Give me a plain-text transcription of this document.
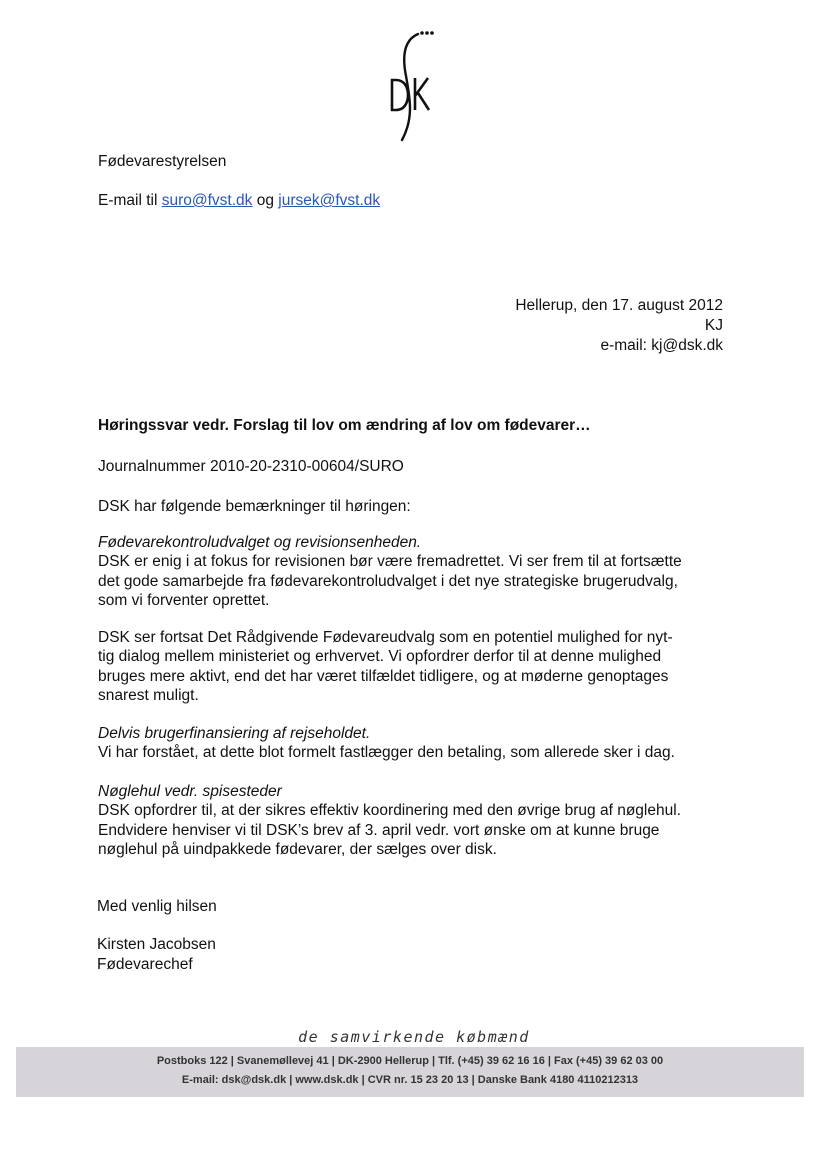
Fødevarestyrelsen
E-mail til suro@fvst.dk og jursek@fvst.dk
Hellerup, den 17. august 2012
KJ
e-mail: kj@dsk.dk
Høringssvar vedr. Forslag til lov om ændring af lov om fødevarer…
Journalnummer 2010-20-2310-00604/SURO
DSK har følgende bemærkninger til høringen:
Fødevarekontroludvalget og revisionsenheden.
DSK er enig i at fokus for revisionen bør være fremadrettet. Vi ser frem til at fortsætte
det gode samarbejde fra fødevarekontroludvalget i det nye strategiske brugerudvalg,
som vi forventer oprettet.
DSK ser fortsat Det Rådgivende Fødevareudvalg som en potentiel mulighed for nyt-
tig dialog mellem ministeriet og erhvervet. Vi opfordrer derfor til at denne mulighed
bruges mere aktivt, end det har været tilfældet tidligere, og at møderne genoptages
snarest muligt.
Delvis brugerfinansiering af rejseholdet.
Vi har forstået, at dette blot formelt fastlægger den betaling, som allerede sker i dag.
Nøglehul vedr. spisesteder
DSK opfordrer til, at der sikres effektiv koordinering med den øvrige brug af nøglehul.
Endvidere henviser vi til DSK’s brev af 3. april vedr. vort ønske om at kunne bruge
nøglehul på uindpakkede fødevarer, der sælges over disk.
Med venlig hilsen
Kirsten Jacobsen
Fødevarechef
de samvirkende købmænd
Postboks 122 | Svanemøllevej 41 | DK-2900 Hellerup | Tlf. (+45) 39 62 16 16 | Fax (+45) 39 62 03 00
E-mail: dsk@dsk.dk | www.dsk.dk | CVR nr. 15 23 20 13 | Danske Bank 4180 4110212313
